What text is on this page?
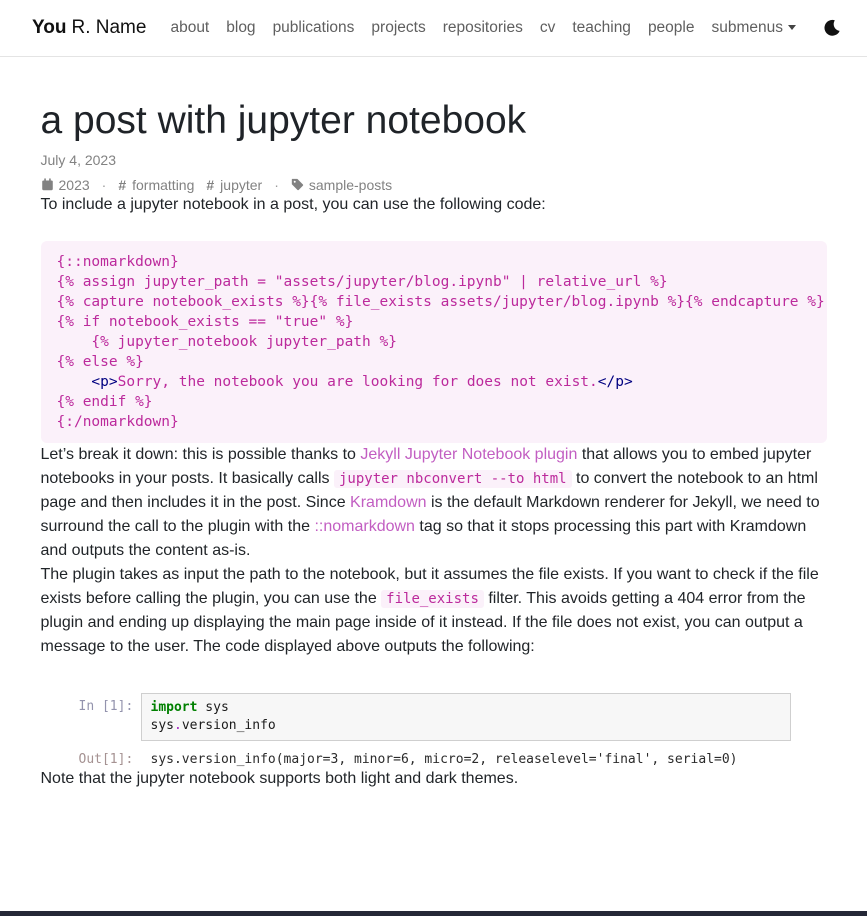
You R. Name about blog publications projects repositories cv teaching people submenus
a post with jupyter notebook
July 4, 2023
2023 · # formatting # jupyter · sample-posts

To include a jupyter notebook in a post, you can use the following code:

{::nomarkdown}
{% assign jupyter_path = "assets/jupyter/blog.ipynb" | relative_url %}
{% capture notebook_exists %}{% file_exists assets/jupyter/blog.ipynb %}{% endcapture %}
{% if notebook_exists == "true" %}
{% jupyter_notebook jupyter_path %}
{% else %}
<p>Sorry, the notebook you are looking for does not exist.</p>
{% endif %}
{:/nomarkdown}

Let’s break it down: this is possible thanks to Jekyll Jupyter Notebook plugin that allows you to embed jupyter notebooks in your posts. It basically calls jupyter nbconvert --to html to convert the notebook to an html page and then includes it in the post. Since Kramdown is the default Markdown renderer for Jekyll, we need to surround the call to the plugin with the ::nomarkdown tag so that it stops processing this part with Kramdown and outputs the content as-is.

The plugin takes as input the path to the notebook, but it assumes the file exists. If you want to check if the file exists before calling the plugin, you can use the file_exists filter. This avoids getting a 404 error from the plugin and ending up displaying the main page inside of it instead. If the file does not exist, you can output a message to the user. The code displayed above outputs the following:

In [1]:	import sys
sys.version_info
Out[1]:	sys.version_info(major=3, minor=6, micro=2, releaselevel='final', serial=0)

Note that the jupyter notebook supports both light and dark themes.
